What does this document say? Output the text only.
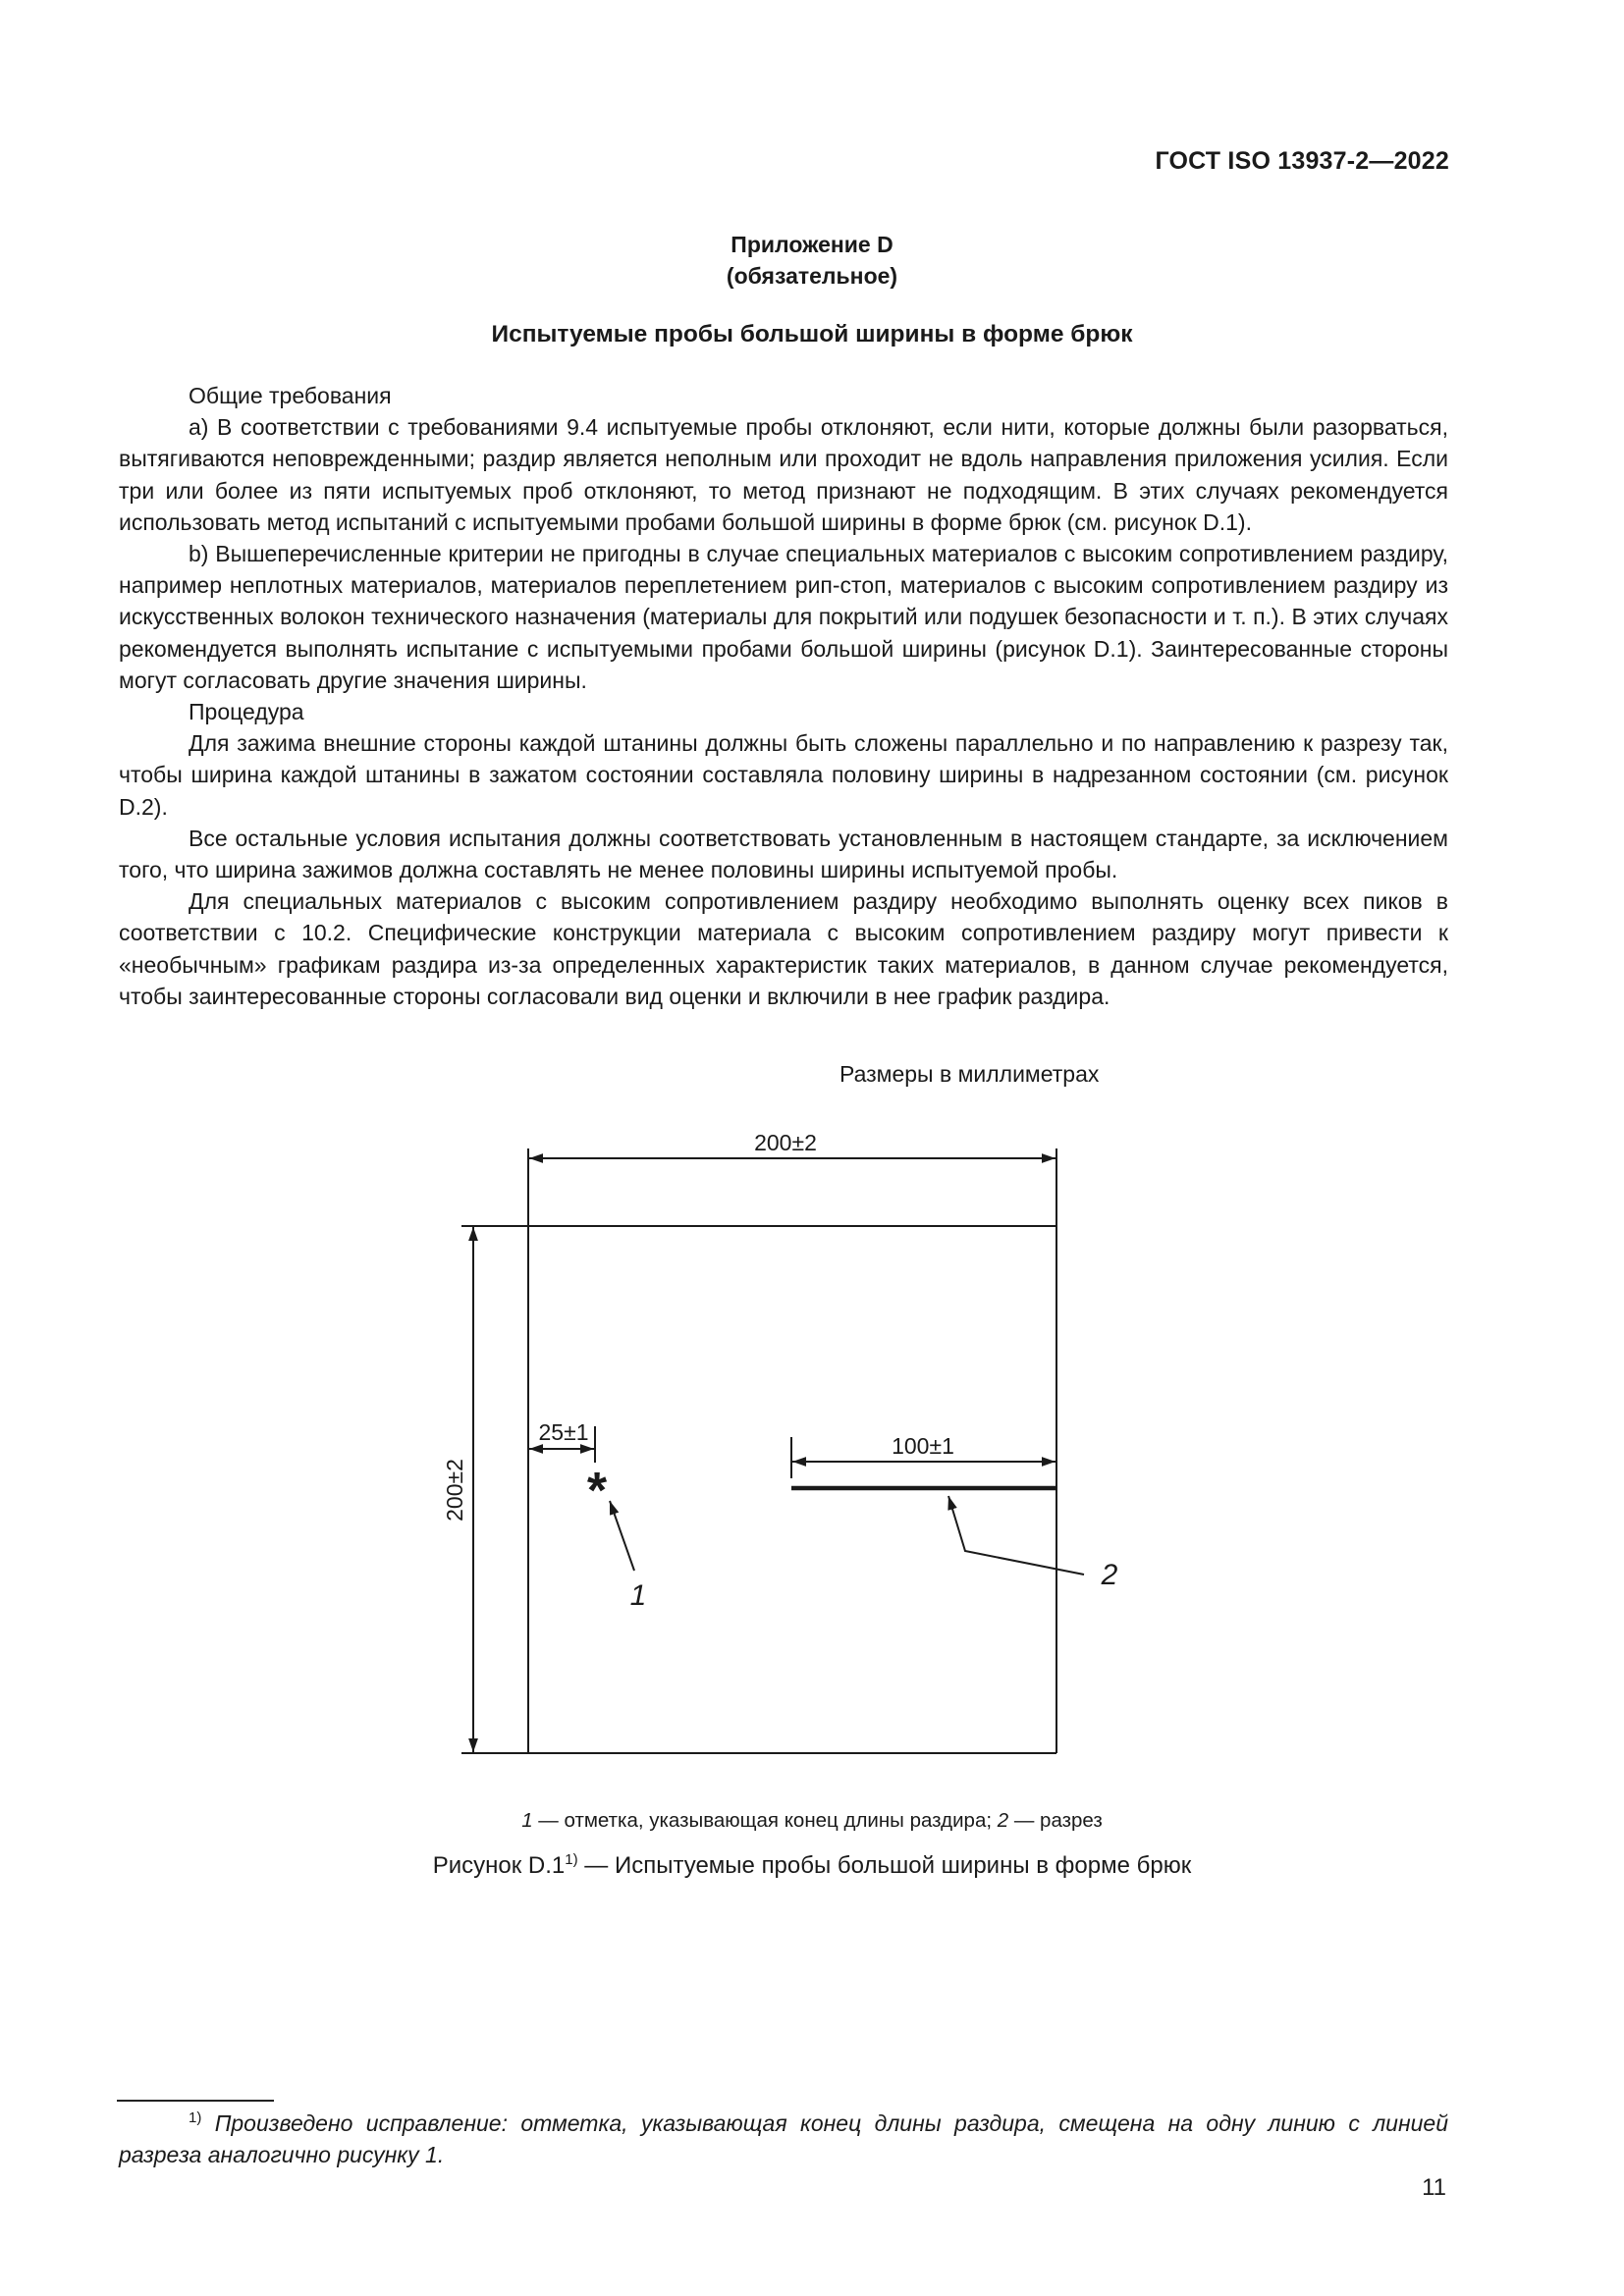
ГОСТ ISO 13937-2—2022
Приложение D
(обязательное)
Испытуемые пробы большой ширины в форме брюк

Общие требования

а) В соответствии с требованиями 9.4 испытуемые пробы отклоняют, если нити, которые должны были разорваться, вытягиваются неповрежденными; раздир является неполным или проходит не вдоль направления приложения усилия. Если три или более из пяти испытуемых проб отклоняют, то метод признают не подходящим. В этих случаях рекомендуется использовать метод испытаний с испытуемыми пробами большой ширины в форме брюк (см. рисунок D.1).

b) Вышеперечисленные критерии не пригодны в случае специальных материалов с высоким сопротивлением раздиру, например неплотных материалов, материалов переплетением рип-стоп, материалов с высоким сопротивлением раздиру из искусственных волокон технического назначения (материалы для покрытий или подушек безопасности и т. п.). В этих случаях рекомендуется выполнять испытание с испытуемыми пробами большой ширины (рисунок D.1). Заинтересованные стороны могут согласовать другие значения ширины.

Процедура

Для зажима внешние стороны каждой штанины должны быть сложены параллельно и по направлению к разрезу так, чтобы ширина каждой штанины в зажатом состоянии составляла половину ширины в надрезанном состоянии (см. рисунок D.2).

Все остальные условия испытания должны соответствовать установленным в настоящем стандарте, за исключением того, что ширина зажимов должна составлять не менее половины ширины испытуемой пробы.

Для специальных материалов с высоким сопротивлением раздиру необходимо выполнять оценку всех пиков в соответствии с 10.2. Специфические конструкции материала с высоким сопротивлением раздиру могут привести к «необычным» графикам раздира из-за определенных характеристик таких материалов, в данном случае рекомендуется, чтобы заинтересованные стороны согласовали вид оценки и включили в нее график раздира.

Размеры в миллиметрах
200±2
200±2
25±1
*
100±1
1
2
1 — отметка, указывающая конец длины раздира; 2 — разрез
Рисунок D.1$^{1)}$ — Испытуемые пробы большой ширины в форме брюк
$^{1)}$ Произведено исправление: отметка, указывающая конец длины раздира, смещена на одну линию с линией разреза аналогично рисунку 1.
11
